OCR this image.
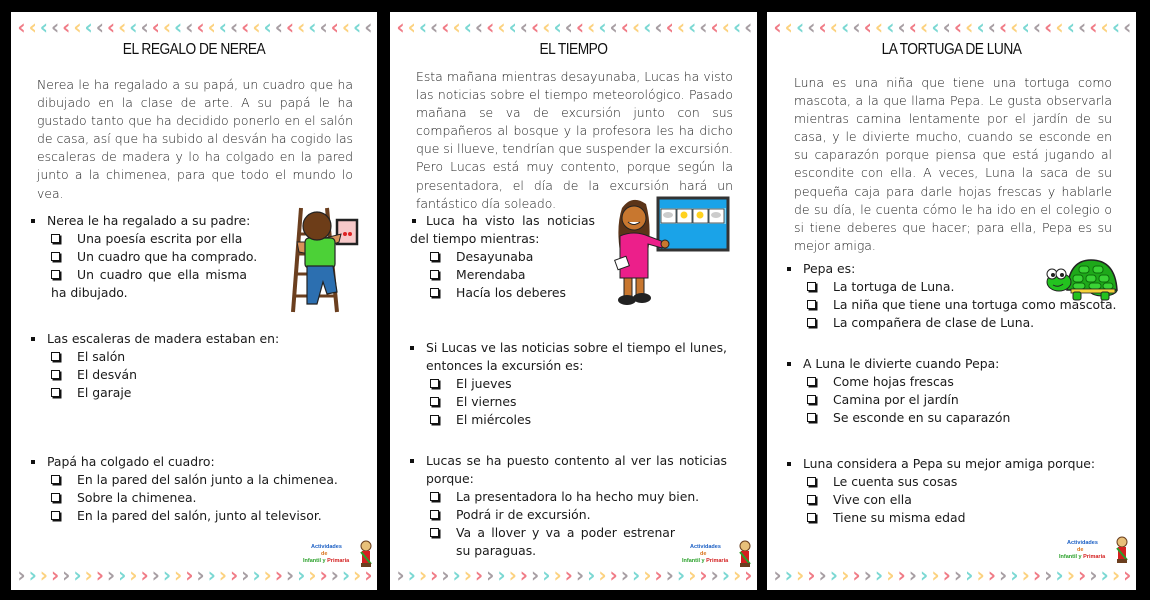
‹ ‹ ‹ ‹ ‹ ‹ ‹ ‹ ‹ ‹ ‹ ‹ ‹ ‹ ‹ ‹ ‹ ‹ ‹ ‹ ‹ ‹ ‹ ‹ ‹ ‹ ‹ ‹ ‹ ‹ ‹ ‹
EL REGALO DE NEREA

Nerea le ha regalado a su papá, un cuadro que ha dibujado en la clase de arte. A su papá le ha gustado tanto que ha decidido ponerlo en el salón de casa, así que ha subido al desván ha cogido las escaleras de madera y lo ha colgado en la pared junto a la chimenea, para que todo el mundo lo vea.

Nerea le ha regalado a su padre:
Una poesía escrita por ella
Un cuadro que ha comprado.
Un cuadro que ella misma ha dibujado.
Las escaleras de madera estaban en:
El salón
El desván
El garaje
Papá ha colgado el cuadro:
En la pared del salón junto a la chimenea.
Sobre la chimenea.
En la pared del salón, junto al televisor.
Actividades
de
Infantil y Primaria
› › › › › › › › › › › › › › › › › › › › › › › › › › › › › › › ›
‹ ‹ ‹ ‹ ‹ ‹ ‹ ‹ ‹ ‹ ‹ ‹ ‹ ‹ ‹ ‹ ‹ ‹ ‹ ‹ ‹ ‹ ‹ ‹ ‹ ‹ ‹ ‹ ‹ ‹ ‹ ‹
EL TIEMPO

Esta mañana mientras desayunaba, Lucas ha visto las noticias sobre el tiempo meteorológico. Pasado mañana se va de excursión junto con sus compañeros al bosque y la profesora les ha dicho que si llueve, tendrían que suspender la excursión. Pero Lucas está muy contento, porque según la presentadora, el día de la excursión hará un fantástico día soleado.

Luca ha visto las noticias del tiempo mientras:
Desayunaba
Merendaba
Hacía los deberes
Si Lucas ve las noticias sobre el tiempo el lunes, entonces la excursión es:
El jueves
El viernes
El miércoles
Lucas se ha puesto contento al ver las noticias porque:
La presentadora lo ha hecho muy bien.
Podrá ir de excursión.
Va a llover y va a poder estrenar su paraguas.	Actividades
de
Infantil y Primaria
› › › › › › › › › › › › › › › › › › › › › › › › › › › › › › › ›
‹ ‹ ‹ ‹ ‹ ‹ ‹ ‹ ‹ ‹ ‹ ‹ ‹ ‹ ‹ ‹ ‹ ‹ ‹ ‹ ‹ ‹ ‹ ‹ ‹ ‹ ‹ ‹ ‹ ‹ ‹ ‹
LA TORTUGA DE LUNA

Luna es una niña que tiene una tortuga como mascota, a la que llama Pepa. Le gusta observarla mientras camina lentamente por el jardín de su casa, y le divierte mucho, cuando se esconde en su caparazón porque piensa que está jugando al escondite con ella. A veces, Luna la saca de su pequeña caja para darle hojas frescas y hablarle de su día, le cuenta cómo le ha ido en el colegio o si tiene deberes que hacer; para ella, Pepa es su mejor amiga.

Pepa es:
La tortuga de Luna.
La niña que tiene una tortuga como mascota.
La compañera de clase de Luna.
A Luna le divierte cuando Pepa:
Come hojas frescas
Camina por el jardín
Se esconde en su caparazón
Luna considera a Pepa su mejor amiga porque:
Le cuenta sus cosas
Vive con ella
Tiene su misma edad
Actividades
de
Infantil y Primaria
› › › › › › › › › › › › › › › › › › › › › › › › › › › › › › › ›
